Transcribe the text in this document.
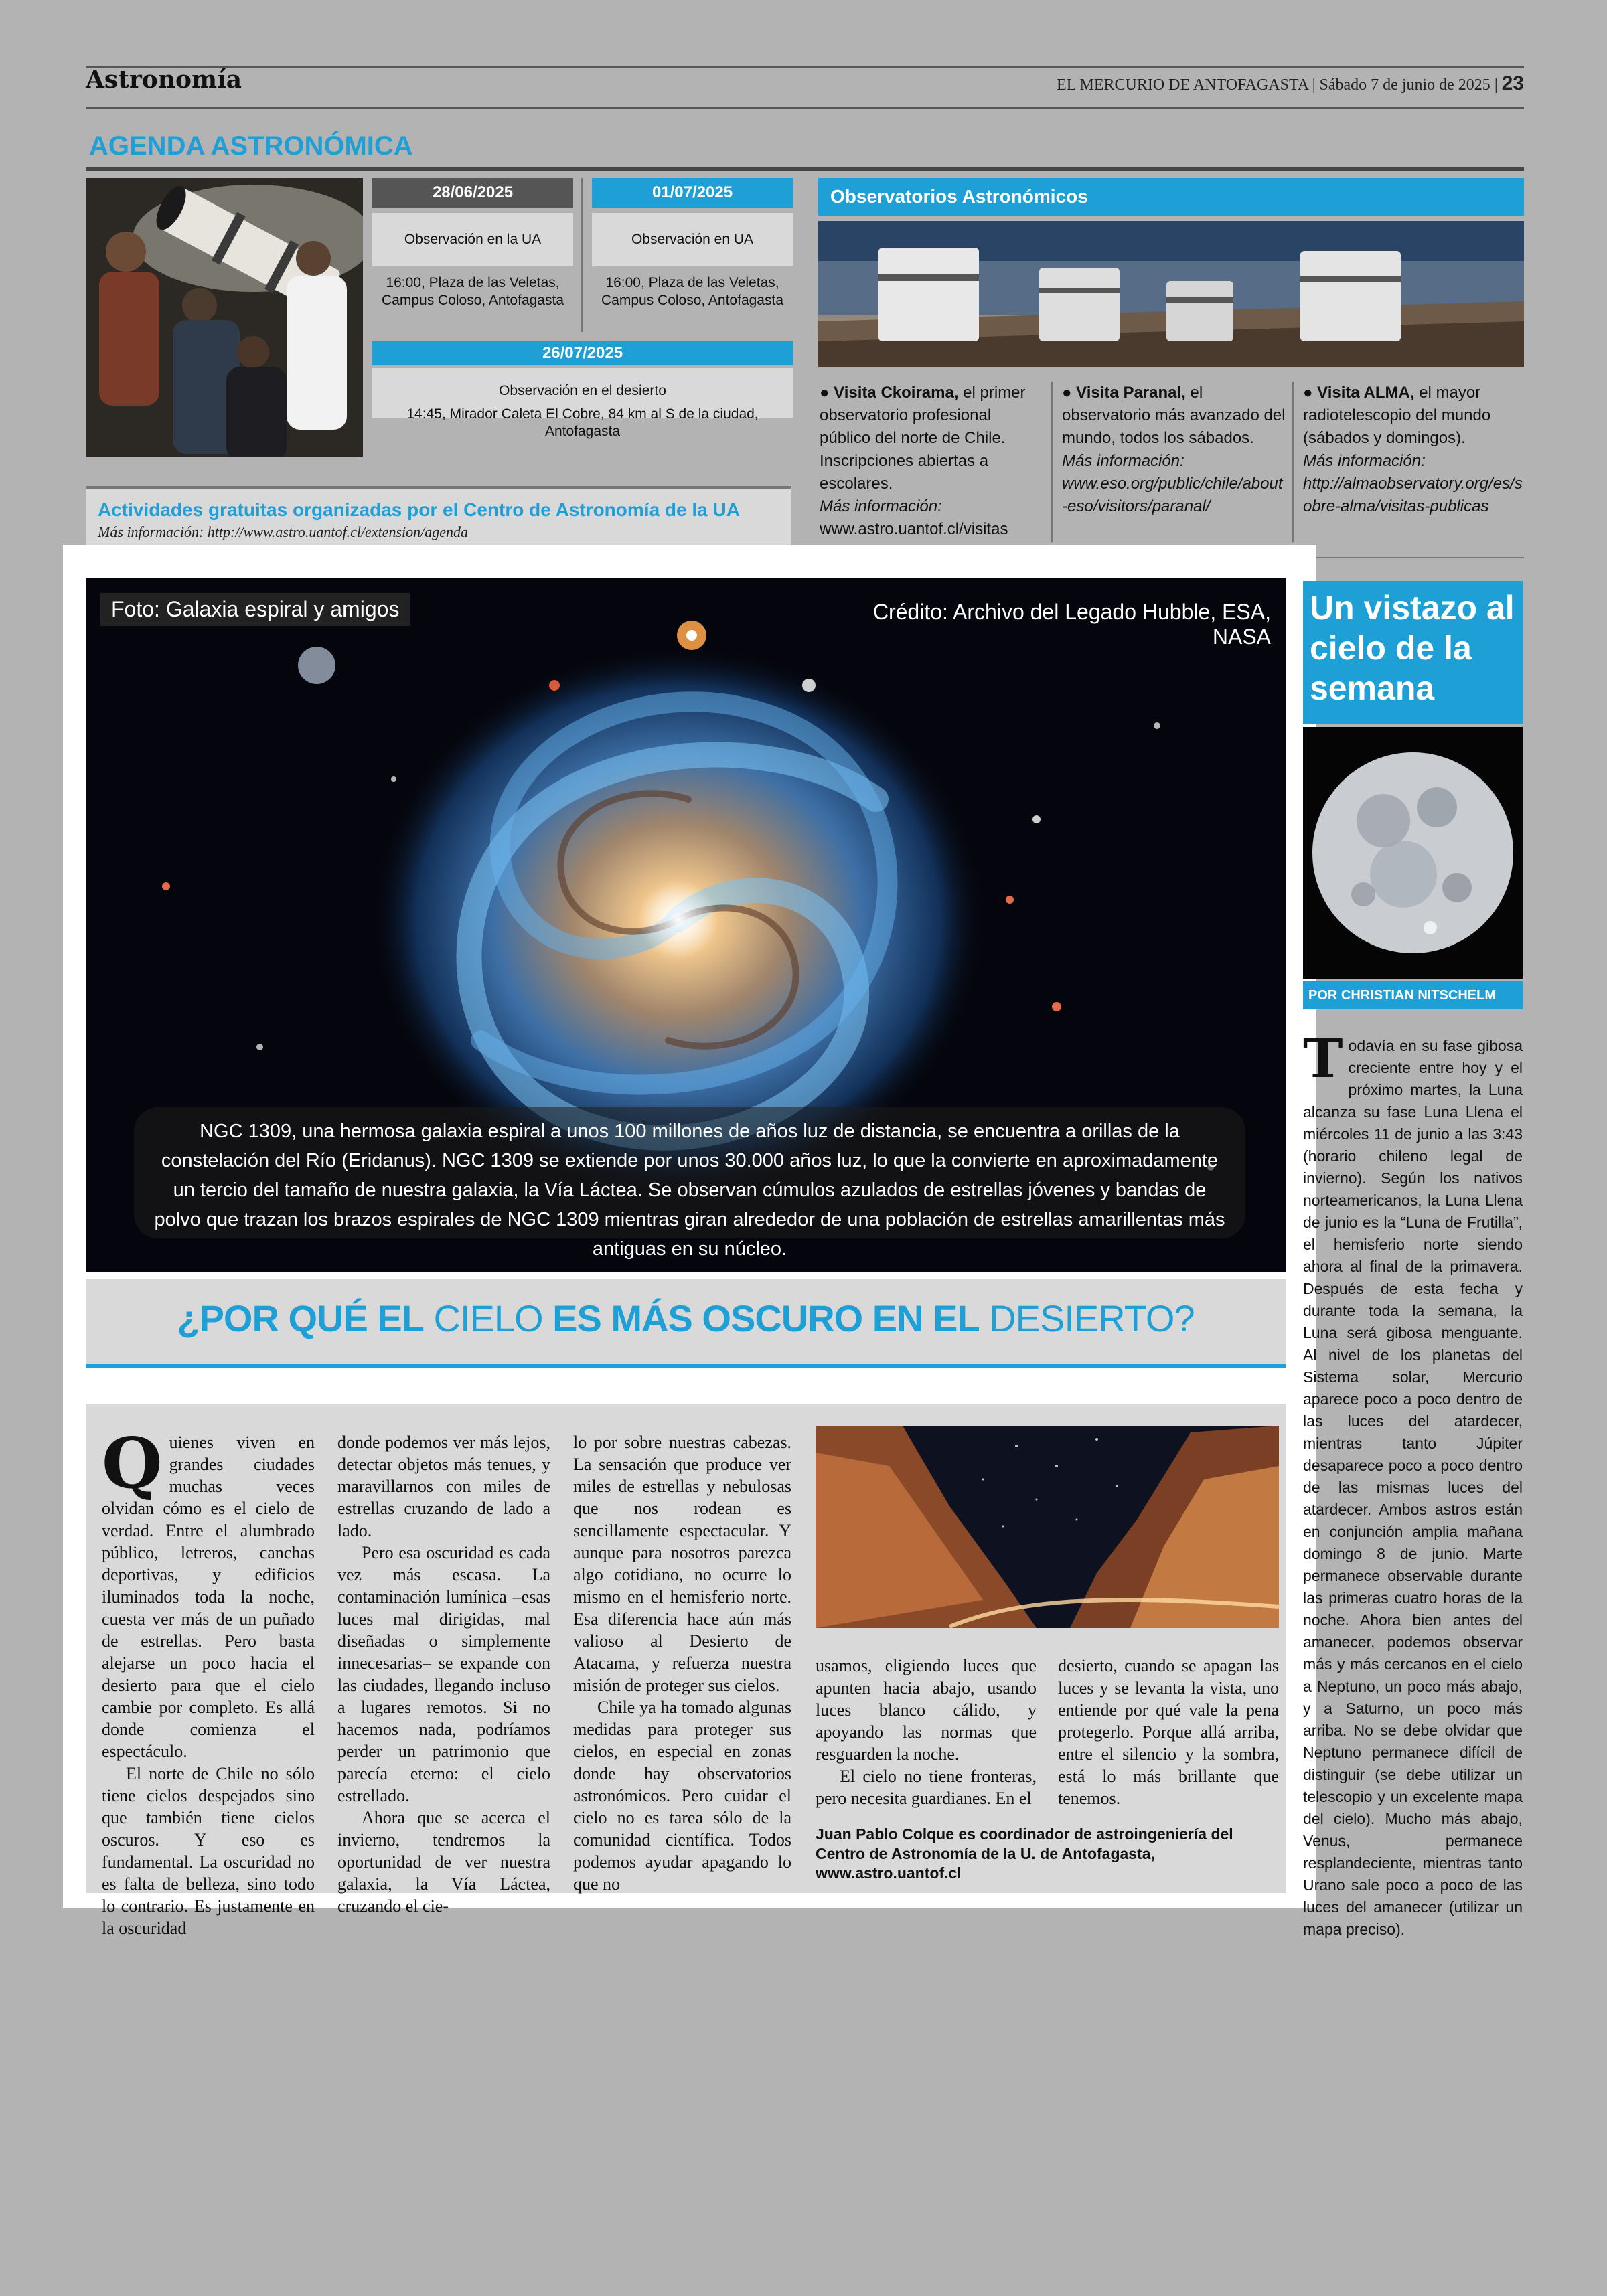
Astronomía	EL MERCURIO DE ANTOFAGASTA | Sábado 7 de junio de 2025 | 23
AGENDA ASTRONÓMICA
28/06/2025
Observación en la UA
16:00, Plaza de las Veletas, Campus Coloso, Antofagasta
01/07/2025
Observación en UA
16:00, Plaza de las Veletas, Campus Coloso, Antofagasta
26/07/2025
Observación en el desierto
14:45, Mirador Caleta El Cobre, 84 km al S de la ciudad, Antofagasta
Observatorios Astronómicos
● Visita Ckoirama, el primer observatorio profesional público del norte de Chile. Inscripciones abiertas a escolares.
Más información:
www.astro.uantof.cl/visitas
● Visita Paranal, el observatorio más avanzado del mundo, todos los sábados.
Más información:
www.eso.org/public/chile/about-eso/visitors/paranal/
● Visita ALMA, el mayor radiotelescopio del mundo (sábados y domingos).
Más información:
http://almaobservatory.org/es/sobre-alma/visitas-publicas
Actividades gratuitas organizadas por el Centro de Astronomía de la UA
Más información: http://www.astro.uantof.cl/extension/agenda
Foto: Galaxia espiral y amigos	Crédito: Archivo del Legado Hubble, ESA, NASA
NGC 1309, una hermosa galaxia espiral a unos 100 millones de años luz de distancia, se encuentra a orillas de la constelación del Río (Eridanus). NGC 1309 se extiende por unos 30.000 años luz, lo que la convierte en aproximadamente un tercio del tamaño de nuestra galaxia, la Vía Láctea. Se observan cúmulos azulados de estrellas jóvenes y bandas de polvo que trazan los brazos espirales de NGC 1309 mientras giran alrededor de una población de estrellas amarillentas más antiguas en su núcleo.
¿POR QUÉ EL CIELO ES MÁS OSCURO EN EL DESIERTO?

Quienes viven en grandes ciudades muchas veces olvidan cómo es el cielo de verdad. Entre el alumbrado público, letreros, canchas deportivas, y edificios iluminados toda la noche, cuesta ver más de un puñado de estrellas. Pero basta alejarse un poco hacia el desierto para que el cielo cambie por completo. Es allá donde comienza el espectáculo.

El norte de Chile no sólo tiene cielos despejados sino que también tiene cielos oscuros. Y eso es fundamental. La oscuridad no es falta de belleza, sino todo lo contrario. Es justamente en la oscuridad

donde podemos ver más lejos, detectar objetos más tenues, y maravillarnos con miles de estrellas cruzando de lado a lado.

Pero esa oscuridad es cada vez más escasa. La contaminación lumínica –esas luces mal dirigidas, mal diseñadas o simplemente innecesarias– se expande con las ciudades, llegando incluso a lugares remotos. Si no hacemos nada, podríamos perder un patrimonio que parecía eterno: el cielo estrellado.

Ahora que se acerca el invierno, tendremos la oportunidad de ver nuestra galaxia, la Vía Láctea, cruzando el cie-

lo por sobre nuestras cabezas. La sensación que produce ver miles de estrellas y nebulosas que nos rodean es sencillamente espectacular. Y aunque para nosotros parezca algo cotidiano, no ocurre lo mismo en el hemisferio norte. Esa diferencia hace aún más valioso al Desierto de Atacama, y refuerza nuestra misión de proteger sus cielos.

Chile ya ha tomado algunas medidas para proteger sus cielos, en especial en zonas donde hay observatorios astronómicos. Pero cuidar el cielo no es tarea sólo de la comunidad científica. Todos podemos ayudar apagando lo que no

usamos, eligiendo luces que apunten hacia abajo, usando luces blanco cálido, y apoyando las normas que resguarden la noche.

El cielo no tiene fronteras, pero necesita guardianes. En el

desierto, cuando se apagan las luces y se levanta la vista, uno entiende por qué vale la pena protegerlo. Porque allá arriba, entre el silencio y la sombra, está lo más brillante que tenemos.

Juan Pablo Colque es coordinador de astroingeniería del Centro de Astronomía de la U. de Antofagasta, www.astro.uantof.cl
Un vistazo al cielo de la semana
POR CHRISTIAN NITSCHELM
Todavía en su fase gibosa creciente entre hoy y el próximo martes, la Luna alcanza su fase Luna Llena el miércoles 11 de junio a las 3:43 (horario chileno legal de invierno). Según los nativos norteamericanos, la Luna Llena de junio es la “Luna de Frutilla”, el hemisferio norte siendo ahora al final de la primavera. Después de esta fecha y durante toda la semana, la Luna será gibosa menguante. Al nivel de los planetas del Sistema solar, Mercurio aparece poco a poco dentro de las luces del atardecer, mientras tanto Júpiter desaparece poco a poco dentro de las mismas luces del atardecer. Ambos astros están en conjunción amplia mañana domingo 8 de junio. Marte permanece observable durante las primeras cuatro horas de la noche. Ahora bien antes del amanecer, podemos observar más y más cercanos en el cielo a Neptuno, un poco más abajo, y a Saturno, un poco más arriba. No se debe olvidar que Neptuno permanece difícil de distinguir (se debe utilizar un telescopio y un excelente mapa del cielo). Mucho más abajo, Venus, permanece resplandeciente, mientras tanto Urano sale poco a poco de las luces del amanecer (utilizar un mapa preciso).
